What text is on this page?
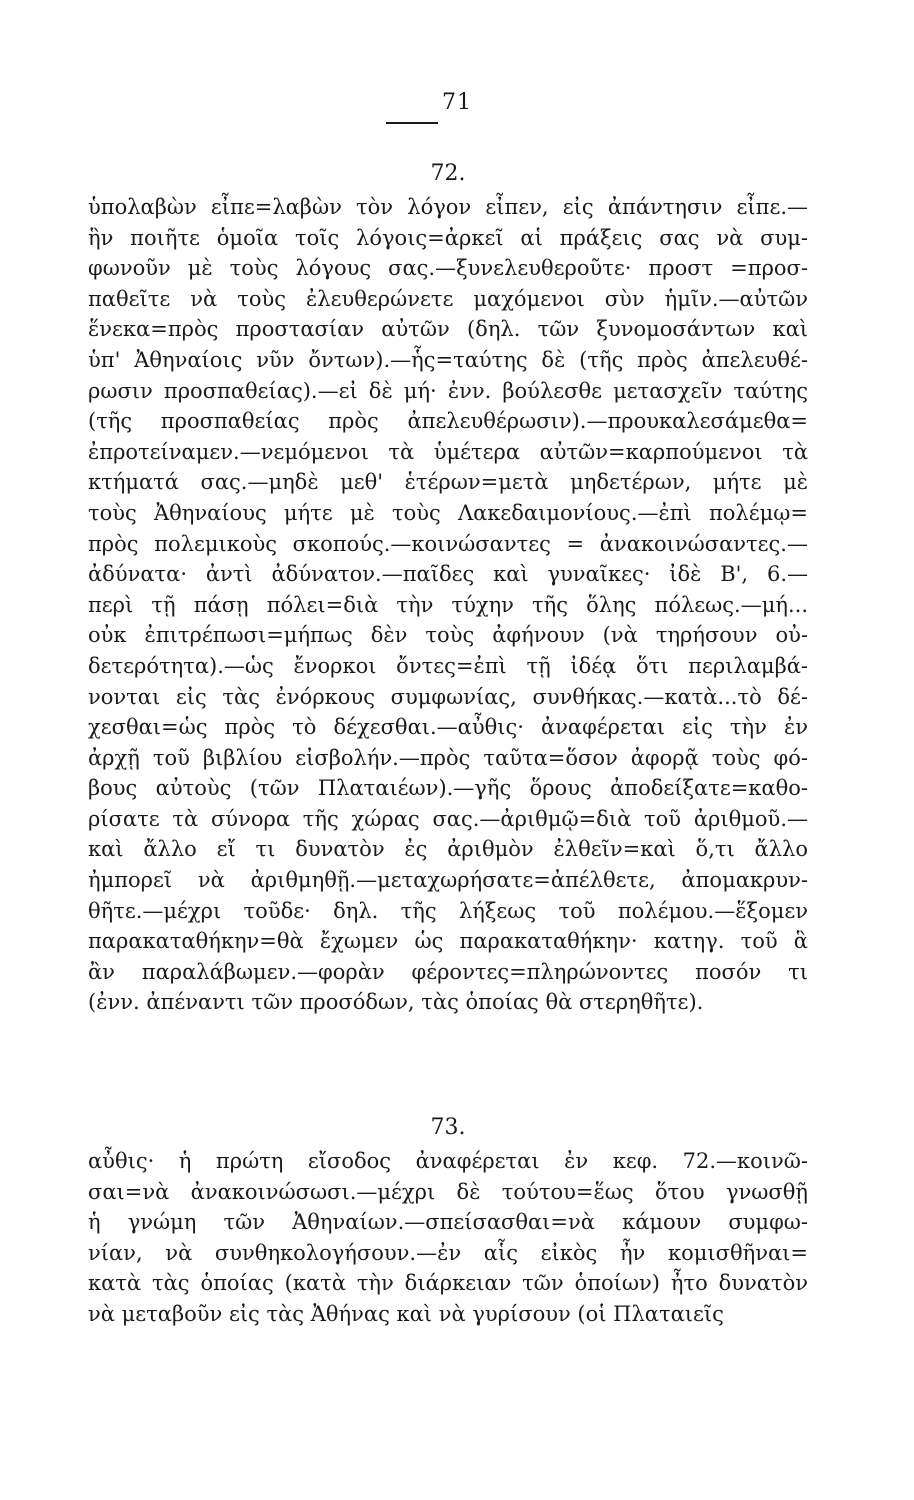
71
72.
ὑπολαβὼν εἶπε=λαβὼν τὸν λόγον εἶπεν, εἰς ἀπάντησιν εἶπε.—
ἣν ποιῆτε ὁμοῖα τοῖς λόγοις=ἀρκεῖ αἱ πράξεις σας νὰ συμ-
φωνοῦν μὲ τοὺς λόγους σας.—ξυνελευθεροῦτε· προστ =προσ-
παθεῖτε νὰ τοὺς ἐλευθερώνετε μαχόμενοι σὺν ἡμῖν.—αὐτῶν
ἕνεκα=πρὸς προστασίαν αὐτῶν (δηλ. τῶν ξυνομοσάντων καὶ
ὑπ' Ἀθηναίοις νῦν ὄντων).—ἧς=ταύτης δὲ (τῆς πρὸς ἀπελευθέ-
ρωσιν προσπαθείας).—εἰ δὲ μή· ἐνν. βούλεσθε μετασχεῖν ταύτης
(τῆς προσπαθείας πρὸς ἀπελευθέρωσιν).—προυκαλεσάμεθα=
ἐπροτείναμεν.—νεμόμενοι τὰ ὑμέτερα αὐτῶν=καρπούμενοι τὰ
κτήματά σας.—μηδὲ μεθ' ἑτέρων=μετὰ μηδετέρων, μήτε μὲ
τοὺς Ἀθηναίους μήτε μὲ τοὺς Λακεδαιμονίους.—ἐπὶ πολέμῳ=
πρὸς πολεμικοὺς σκοπούς.—κοινώσαντες = ἀνακοινώσαντες.—
ἀδύνατα· ἀντὶ ἀδύνατον.—παῖδες καὶ γυναῖκες· ἰδὲ Β', 6.—
περὶ τῇ πάσῃ πόλει=διὰ τὴν τύχην τῆς ὅλης πόλεως.—μή...
οὐκ ἐπιτρέπωσι=μήπως δὲν τοὺς ἀφήνουν (νὰ τηρήσουν οὐ-
δετερότητα).—ὡς ἔνορκοι ὄντες=ἐπὶ τῇ ἰδέᾳ ὅτι περιλαμβά-
νονται εἰς τὰς ἐνόρκους συμφωνίας, συνθήκας.—κατὰ...τὸ δέ-
χεσθαι=ὡς πρὸς τὸ δέχεσθαι.—αὖθις· ἀναφέρεται εἰς τὴν ἐν
ἀρχῇ τοῦ βιβλίου εἰσβολήν.—πρὸς ταῦτα=ὅσον ἀφορᾷ τοὺς φό-
βους αὐτοὺς (τῶν Πλαταιέων).—γῆς ὅρους ἀποδείξατε=καθο-
ρίσατε τὰ σύνορα τῆς χώρας σας.—ἀριθμῷ=διὰ τοῦ ἀριθμοῦ.—
καὶ ἄλλο εἴ τι δυνατὸν ἐς ἀριθμὸν ἐλθεῖν=καὶ ὅ,τι ἄλλο
ἠμπορεῖ νὰ ἀριθμηθῇ.—μεταχωρήσατε=ἀπέλθετε, ἀπομακρυν-
θῆτε.—μέχρι τοῦδε· δηλ. τῆς λήξεως τοῦ πολέμου.—ἕξομεν
παρακαταθήκην=θὰ ἔχωμεν ὡς παρακαταθήκην· κατηγ. τοῦ ἃ
ἂν παραλάβωμεν.—φορὰν φέροντες=πληρώνοντες ποσόν τι
(ἐνν. ἀπέναντι τῶν προσόδων, τὰς ὁποίας θὰ στερηθῆτε).
73.
αὖθις· ἡ πρώτη εἴσοδος ἀναφέρεται ἐν κεφ. 72.—κοινῶ-
σαι=νὰ ἀνακοινώσωσι.—μέχρι δὲ τούτου=ἕως ὅτου γνωσθῇ
ἡ γνώμη τῶν Ἀθηναίων.—σπείσασθαι=νὰ κάμουν συμφω-
νίαν, νὰ συνθηκολογήσουν.—ἐν αἷς εἰκὸς ἦν κομισθῆναι=
κατὰ τὰς ὁποίας (κατὰ τὴν διάρκειαν τῶν ὁποίων) ἦτο δυνατὸν
νὰ μεταβοῦν εἰς τὰς Ἀθήνας καὶ νὰ γυρίσουν (οἱ Πλαταιεῖς
